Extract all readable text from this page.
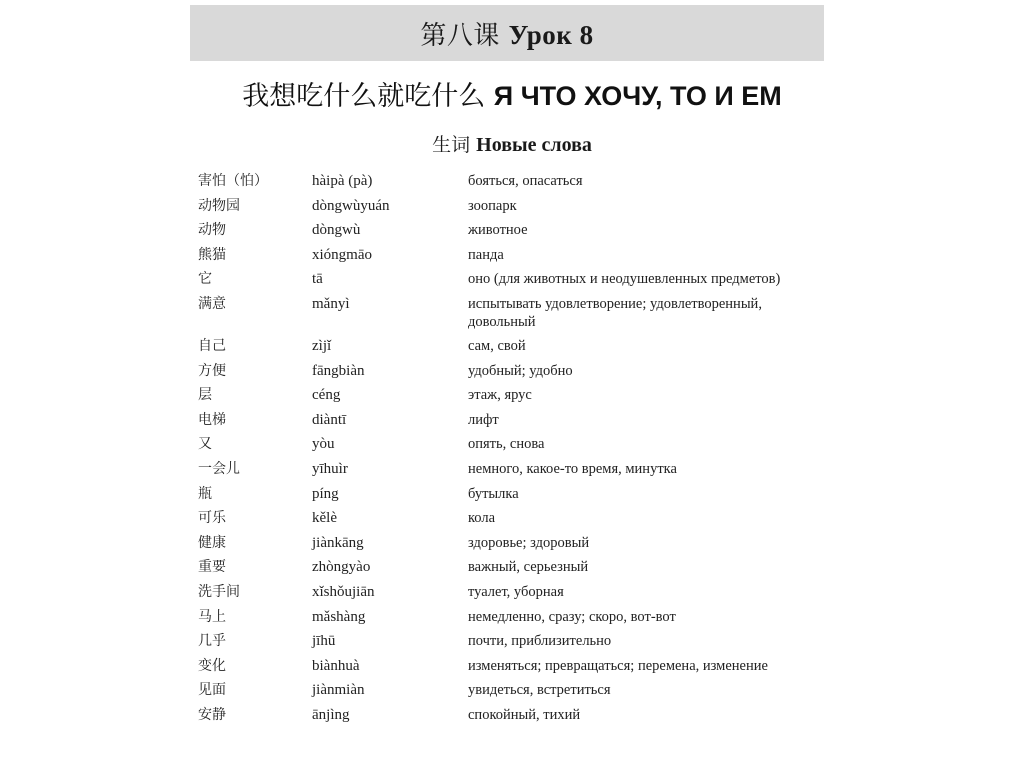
第八课 Урок 8
我想吃什么就吃什么 Я ЧТО ХОЧУ, ТО И ЕМ
生词 Новые слова
害怕（怕）	hàipà (pà)	бояться, опасаться
动物园	dòngwùyuán	зоопарк
动物	dòngwù	животное
熊猫	xióngmāo	панда
它	tā	оно (для животных и неодушевленных предметов)
满意	mǎnyì	испытывать удовлетворение; удовлетворенный, довольный
自己	zìjǐ	сам, свой
方便	fāngbiàn	удобный; удобно
层	céng	этаж, ярус
电梯	diàntī	лифт
又	yòu	опять, снова
一会儿	yīhuìr	немного, какое-то время, минутка
瓶	píng	бутылка
可乐	kělè	кола
健康	jiànkāng	здоровье; здоровый
重要	zhòngyào	важный, серьезный
洗手间	xǐshǒujiān	туалет, уборная
马上	mǎshàng	немедленно, сразу; скоро, вот-вот
几乎	jīhū	почти, приблизительно
变化	biànhuà	изменяться; превращаться; перемена, изменение
见面	jiànmiàn	увидеться, встретиться
安静	ānjìng	спокойный, тихий
